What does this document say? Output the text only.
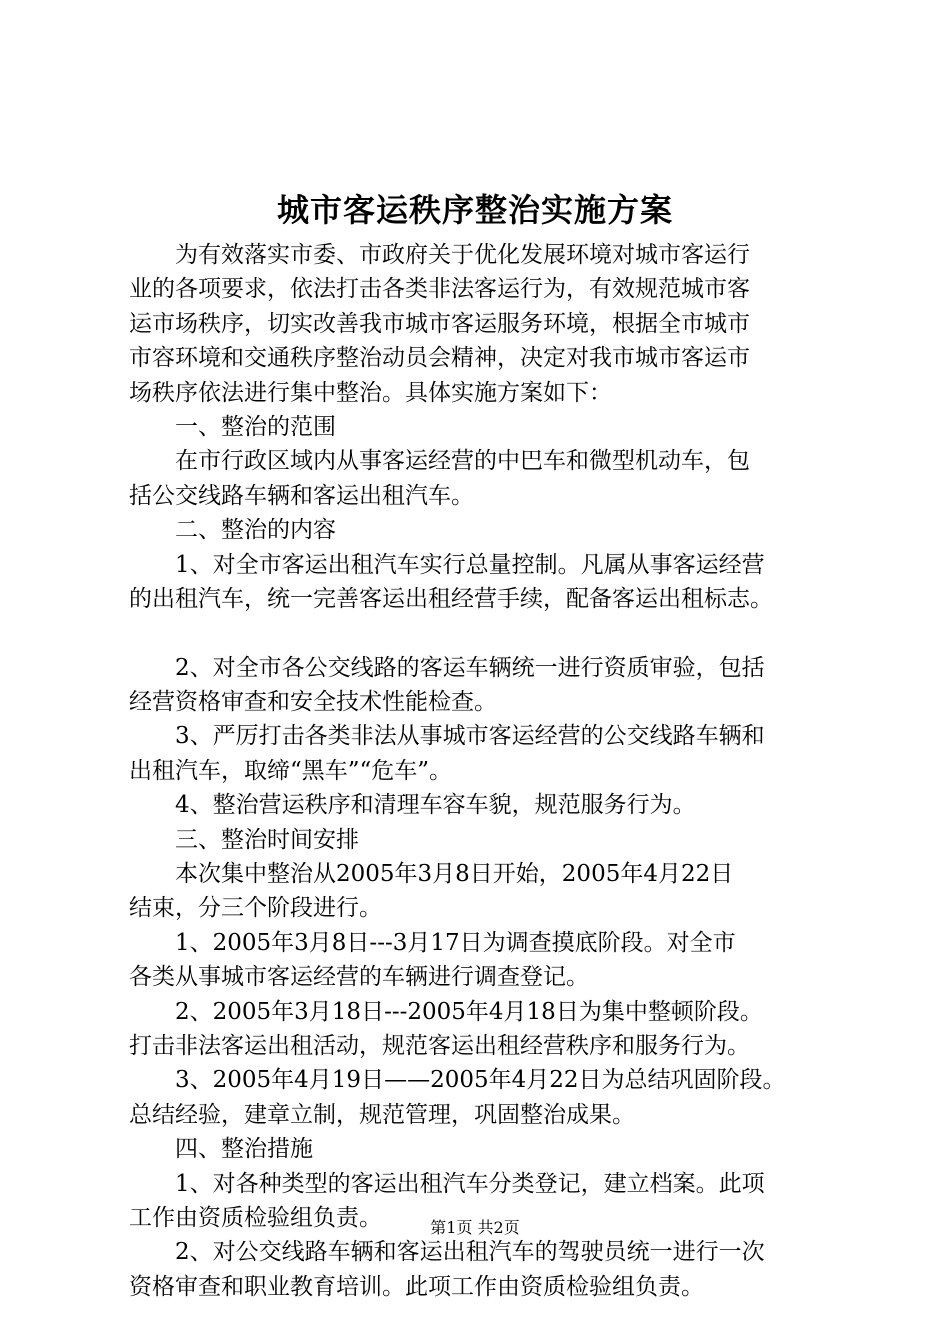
城市客运秩序整治实施方案
　　为有效落实市委、市政府关于优化发展环境对城市客运行
业的各项要求，依法打击各类非法客运行为，有效规范城市客
运市场秩序，切实改善我市城市客运服务环境，根据全市城市
市容环境和交通秩序整治动员会精神，决定对我市城市客运市
场秩序依法进行集中整治。具体实施方案如下：
　　一、整治的范围
　　在市行政区域内从事客运经营的中巴车和微型机动车，包
括公交线路车辆和客运出租汽车。
　　二、整治的内容
　　1、对全市客运出租汽车实行总量控制。凡属从事客运经营
的出租汽车，统一完善客运出租经营手续，配备客运出租标志。
　　2、对全市各公交线路的客运车辆统一进行资质审验，包括
经营资格审查和安全技术性能检查。
　　3、严厉打击各类非法从事城市客运经营的公交线路车辆和
出租汽车，取缔“黑车”“危车”。
　　4、整治营运秩序和清理车容车貌，规范服务行为。
　　三、整治时间安排
　　本次集中整治从2005年3月8日开始，2005年4月22日
结束，分三个阶段进行。
　　1、2005年3月8日---3月17日为调查摸底阶段。对全市
各类从事城市客运经营的车辆进行调查登记。
　　2、2005年3月18日---2005年4月18日为集中整顿阶段。
打击非法客运出租活动，规范客运出租经营秩序和服务行为。
　　3、2005年4月19日——2005年4月22日为总结巩固阶段。
总结经验，建章立制，规范管理，巩固整治成果。
　　四、整治措施
　　1、对各种类型的客运出租汽车分类登记，建立档案。此项
工作由资质检验组负责。
　　2、对公交线路车辆和客运出租汽车的驾驶员统一进行一次
资格审查和职业教育培训。此项工作由资质检验组负责。
第1页 共2页
